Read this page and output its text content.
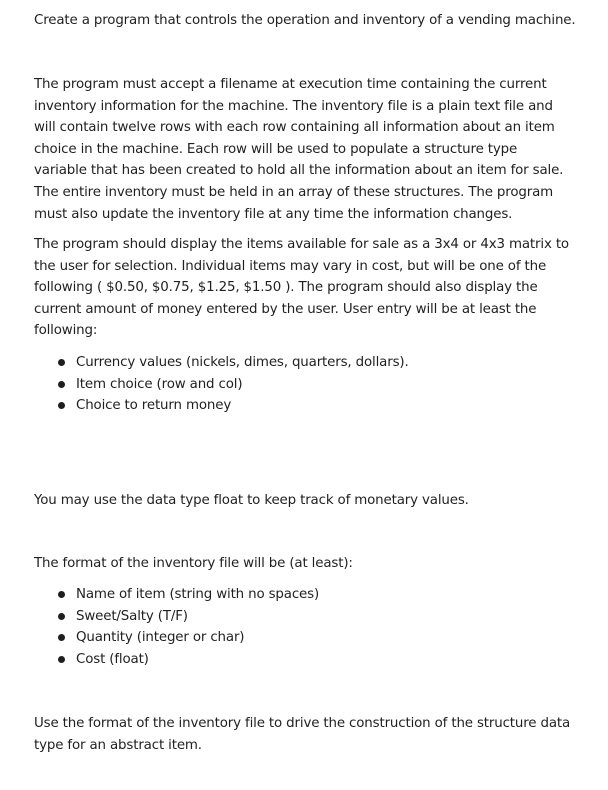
Create a program that controls the operation and inventory of a vending machine.

The program must accept a filename at execution time containing the current

inventory information for the machine. The inventory file is a plain text file and

will contain twelve rows with each row containing all information about an item

choice in the machine. Each row will be used to populate a structure type

variable that has been created to hold all the information about an item for sale.

The entire inventory must be held in an array of these structures. The program

must also update the inventory file at any time the information changes.

The program should display the items available for sale as a 3x4 or 4x3 matrix to

the user for selection. Individual items may vary in cost, but will be one of the

following ( $0.50, $0.75, $1.25, $1.50 ). The program should also display the

current amount of money entered by the user. User entry will be at least the

following:

Currency values (nickels, dimes, quarters, dollars).
Item choice (row and col)
Choice to return money

You may use the data type float to keep track of monetary values.

The format of the inventory file will be (at least):

Name of item (string with no spaces)
Sweet/Salty (T/F)
Quantity (integer or char)
Cost (float)

Use the format of the inventory file to drive the construction of the structure data

type for an abstract item.
